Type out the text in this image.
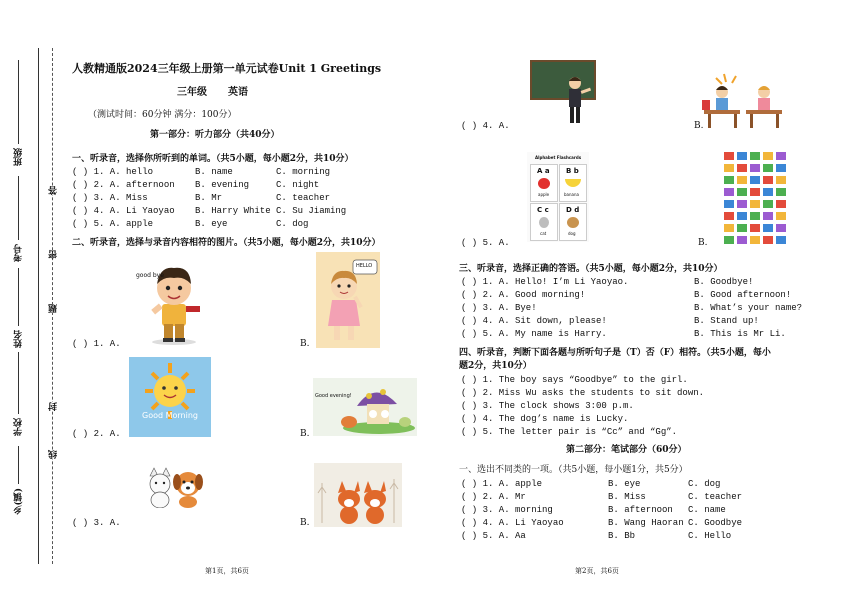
班级
考号
姓名
学校
乡(镇)
答
密
题
封
线
人教精通版2024三年级上册第一单元试卷Unit 1 Greetings
三年级 英语
（测试时间：60分钟 满分：100分）
第一部分：听力部分（共40分）
一、听录音，选择你所听到的单词。（共5小题，每小题2分，共10分）
( ) 1. A. hello	B. name	C. morning
( ) 2. A. afternoon B. evening	C. night
( ) 3. A. Miss	B. Mr	C. teacher
( ) 4. A. Li Yaoyao B. Harry White C. Su Jiaming
( ) 5. A. apple	B. eye	C. dog
二、听录音，选择与录音内容相符的图片。（共5小题，每小题2分，共10分）
good bye
HELLO
( ) 1. A.	B.
Good Morning
Good evening!
( ) 2. A.	B.
( ) 3. A.	B.
第1页，共6页
( ) 4. A.	B.
Alphabet Flashcards
A a
apple
B b
banana
C c
cat
D d
dog
( ) 5. A.	B.
三、听录音，选择正确的答语。（共5小题，每小题2分，共10分）
( ) 1. A. Hello! I’m Li Yaoyao.	B. Goodbye!
( ) 2. A. Good morning!	B. Good afternoon!
( ) 3. A. Bye!	B. What’s your name?
( ) 4. A. Sit down, please!	B. Stand up!
( ) 5. A. My name is Harry.	B. This is Mr Li.
四、听录音，判断下面各题与所听句子是（T）否（F）相符。（共5小题，每小
题2分，共10分）
( ) 1. The boy says “Goodbye” to the girl.
( ) 2. Miss Wu asks the students to sit down.
( ) 3. The clock shows 3:00 p.m.
( ) 4. The dog’s name is Lucky.
( ) 5. The letter pair is “Cc” and “Gg”.
第二部分：笔试部分（60分）
一、选出不同类的一项。（共5小题，每小题1分，共5分）
( ) 1. A. apple	B. eye	C. dog
( ) 2. A. Mr	B. Miss	C. teacher
( ) 3. A. morning	B. afternoon C. name
( ) 4. A. Li Yaoyao	B. Wang Haoran C. Goodbye
( ) 5. A. Aa	B. Bb	C. Hello
第2页，共6页
